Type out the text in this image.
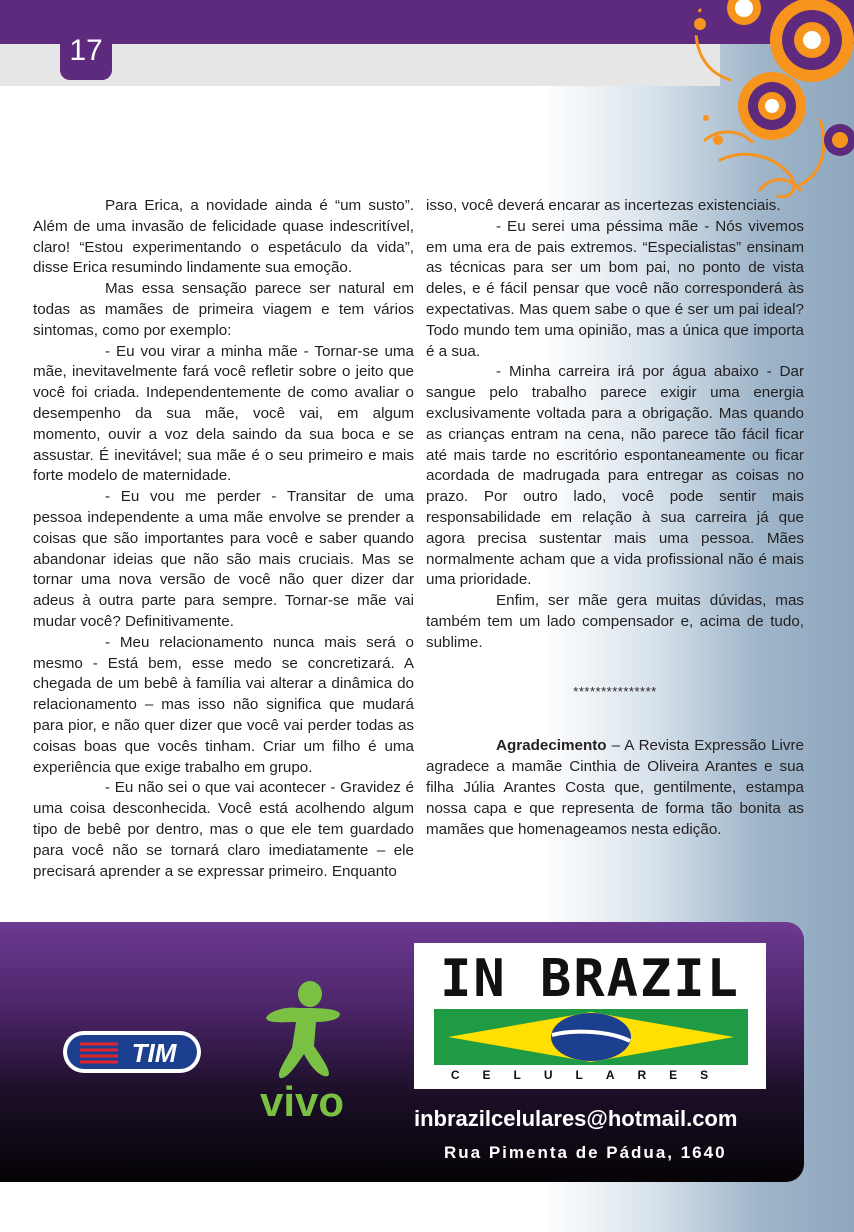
17

Para Erica, a novidade ainda é “um susto”. Além de uma invasão de felicidade quase indescritível, claro! “Estou experimentando o espetáculo da vida”, disse Erica resumindo lindamente sua emoção.

Mas essa sensação parece ser natural em todas as mamães de primeira viagem e tem vários sintomas, como por exemplo:

- Eu vou virar a minha mãe - Tornar-se uma mãe, inevitavelmente fará você refletir sobre o jeito que você foi criada. Independentemente de como avaliar o desempenho da sua mãe, você vai, em algum momento, ouvir a voz dela saindo da sua boca e se assustar. É inevitável; sua mãe é o seu primeiro e mais forte modelo de maternidade.

- Eu vou me perder - Transitar de uma pessoa independente a uma mãe envolve se prender a coisas que são importantes para você e saber quando abandonar ideias que não são mais cruciais. Mas se tornar uma nova versão de você não quer dizer dar adeus à outra parte para sempre. Tornar-se mãe vai mudar você? Definitivamente.

- Meu relacionamento nunca mais será o mesmo - Está bem, esse medo se concretizará. A chegada de um bebê à família vai alterar a dinâmica do relacionamento – mas isso não significa que mudará para pior, e não quer dizer que você vai perder todas as coisas boas que vocês tinham. Criar um filho é uma experiência que exige trabalho em grupo.

- Eu não sei o que vai acontecer - Gravidez é uma coisa desconhecida. Você está acolhendo algum tipo de bebê por dentro, mas o que ele tem guardado para você não se tornará claro imediatamente – ele precisará aprender a se expressar primeiro. Enquanto

isso, você deverá encarar as incertezas existenciais.

- Eu serei uma péssima mãe - Nós vivemos em uma era de pais extremos. “Especialistas” ensinam as técnicas para ser um bom pai, no ponto de vista deles, e é fácil pensar que você não corresponderá às expectativas. Mas quem sabe o que é ser um pai ideal? Todo mundo tem uma opinião, mas a única que importa é a sua.

- Minha carreira irá por água abaixo - Dar sangue pelo trabalho parece exigir uma energia exclusivamente voltada para a obrigação. Mas quando as crianças entram na cena, não parece tão fácil ficar até mais tarde no escritório espontaneamente ou ficar acordada de madrugada para entregar as coisas no prazo. Por outro lado, você pode sentir mais responsabilidade em relação à sua carreira já que agora precisa sustentar mais uma pessoa. Mães normalmente acham que a vida profissional não é mais uma prioridade.

Enfim, ser mãe gera muitas dúvidas, mas também tem um lado compensador e, acima de tudo, sublime.

***************

Agradecimento – A Revista Expressão Livre agradece a mamãe Cinthia de Oliveira Arantes e sua filha Júlia Arantes Costa que, gentilmente, estampa nossa capa e que representa de forma tão bonita as mamães que homenageamos nesta edição.

TIM
vivo
IN BRAZIL
CELULARES
inbrazilcelulares@hotmail.com
Rua Pimenta de Pádua, 1640
